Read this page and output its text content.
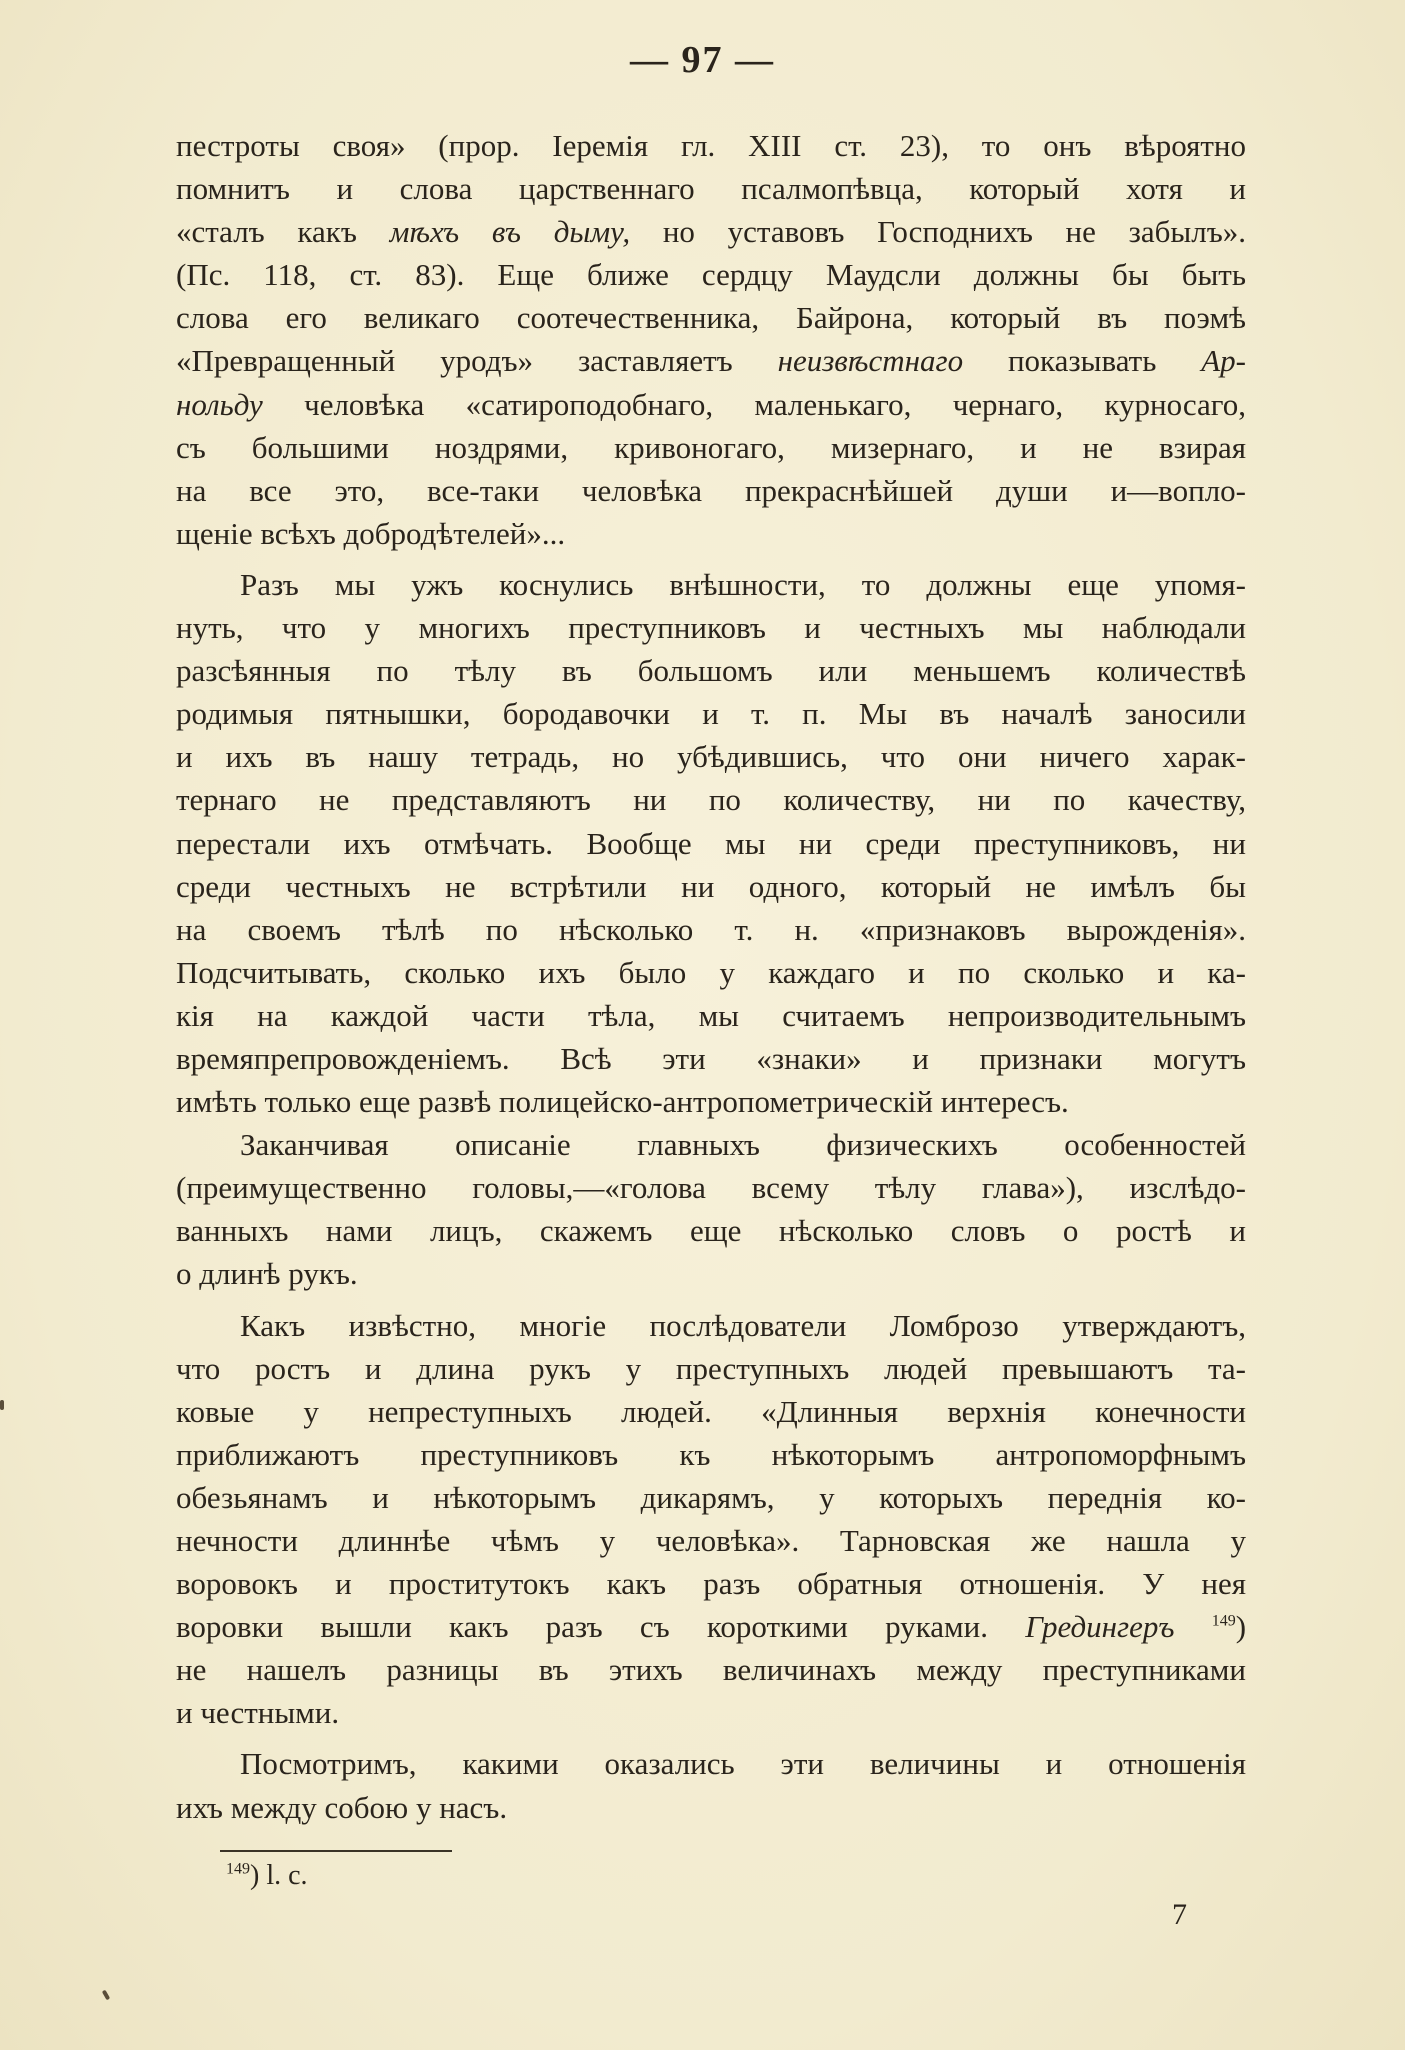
— 97 —
пестроты своя» (прор. Іеремія гл. XIII ст. 23), то онъ вѣроятно
помнитъ и слова царственнаго псалмопѣвца, который хотя и
«сталъ какъ мѣхъ въ дыму, но уставовъ Господнихъ не забылъ».
(Пс. 118, ст. 83). Еще ближе сердцу Маудсли должны бы быть
слова его великаго соотечественника, Байрона, который въ поэмѣ
«Превращенный уродъ» заставляетъ неизвѣстнаго показывать Ар-
нольду человѣка «сатироподобнаго, маленькаго, чернаго, курносаго,
съ большими ноздрями, кривоногаго, мизернаго, и не взирая
на все это, все-таки человѣка прекраснѣйшей души и—вопло-
щеніе всѣхъ добродѣтелей»...
Разъ мы ужъ коснулись внѣшности, то должны еще упомя-
нуть, что у многихъ преступниковъ и честныхъ мы наблюдали
разсѣянныя по тѣлу въ большомъ или меньшемъ количествѣ
родимыя пятнышки, бородавочки и т. п. Мы въ началѣ заносили
и ихъ въ нашу тетрадь, но убѣдившись, что они ничего харак-
тернаго не представляютъ ни по количеству, ни по качеству,
перестали ихъ отмѣчать. Вообще мы ни среди преступниковъ, ни
среди честныхъ не встрѣтили ни одного, который не имѣлъ бы
на своемъ тѣлѣ по нѣсколько т. н. «признаковъ вырожденія».
Подсчитывать, сколько ихъ было у каждаго и по сколько и ка-
кія на каждой части тѣла, мы считаемъ непроизводительнымъ
времяпрепровожденіемъ. Всѣ эти «знаки» и признаки могутъ
имѣть только еще развѣ полицейско-антропометрическій интересъ.
Заканчивая описаніе главныхъ физическихъ особенностей
(преимущественно головы,—«голова всему тѣлу глава»), изслѣдо-
ванныхъ нами лицъ, скажемъ еще нѣсколько словъ о ростѣ и
о длинѣ рукъ.
Какъ извѣстно, многіе послѣдователи Ломброзо утверждаютъ,
что ростъ и длина рукъ у преступныхъ людей превышаютъ та-
ковые у непреступныхъ людей. «Длинныя верхнія конечности
приближаютъ преступниковъ къ нѣкоторымъ антропоморфнымъ
обезьянамъ и нѣкоторымъ дикарямъ, у которыхъ переднія ко-
нечности длиннѣе чѣмъ у человѣка». Тарновская же нашла у
воровокъ и проститутокъ какъ разъ обратныя отношенія. У нея
воровки вышли какъ разъ съ короткими руками. Гредингеръ $^{149}$)
не нашелъ разницы въ этихъ величинахъ между преступниками
и честными.
Посмотримъ, какими оказались эти величины и отношенія
ихъ между собою у насъ.
$^{149}$) l. c.
7
